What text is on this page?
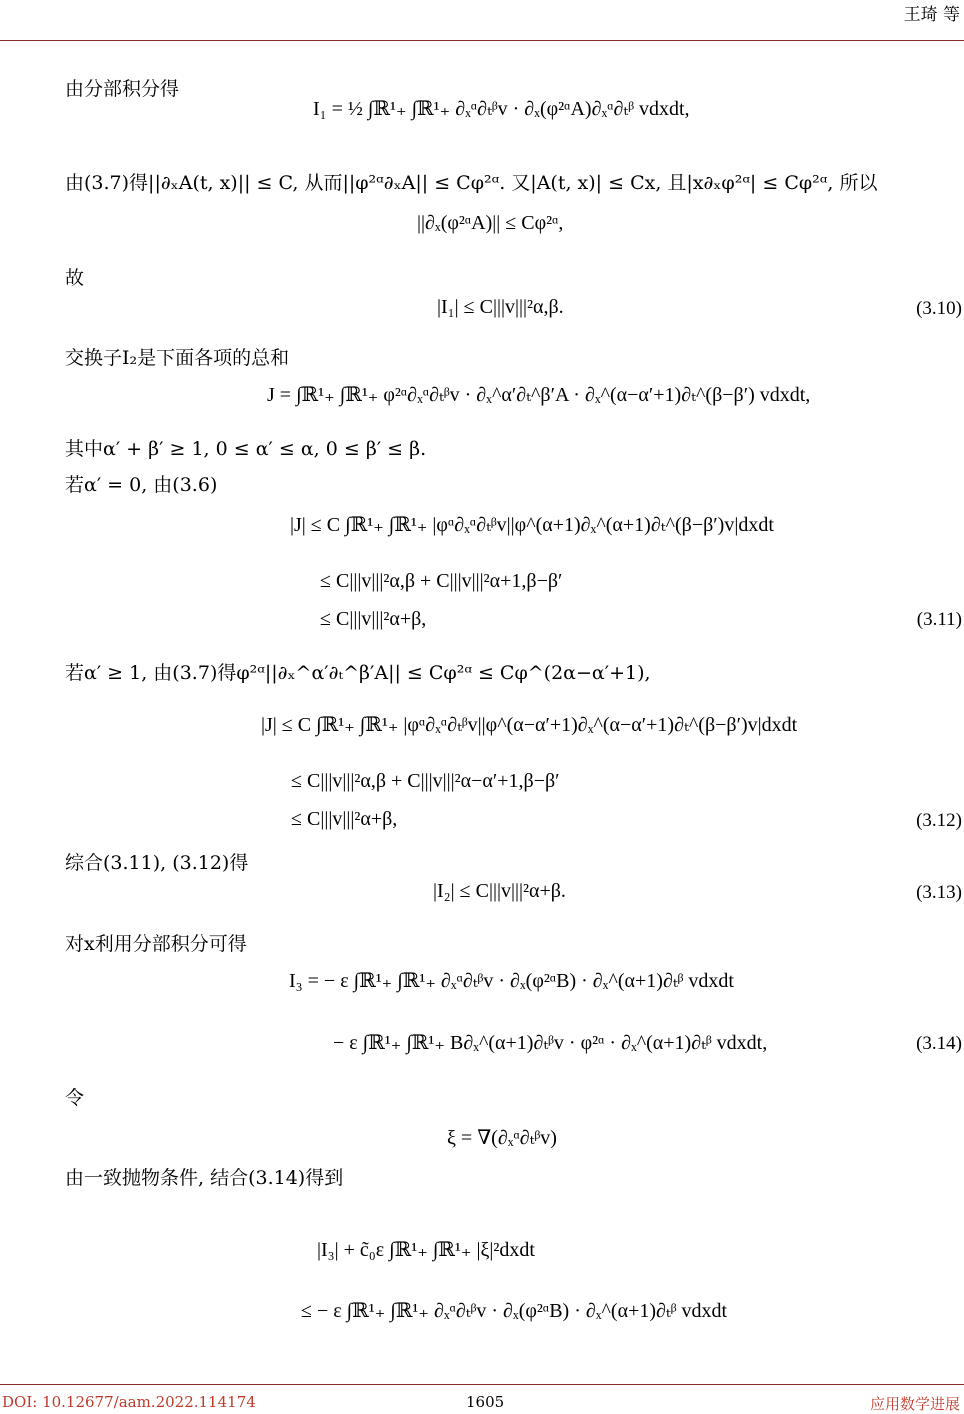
王琦 等
由分部积分得
I₁ = ½ ∫ℝ¹₊ ∫ℝ¹₊ ∂ₓᵅ∂ₜᵝv · ∂ₓ(φ²ᵅA)∂ₓᵅ∂ₜᵝ vdxdt,
由(3.7)得||∂ₓA(t, x)|| ≤ C, 从而||φ²ᵅ∂ₓA|| ≤ Cφ²ᵅ. 又|A(t, x)| ≤ Cx, 且|x∂ₓφ²ᵅ| ≤ Cφ²ᵅ, 所以
||∂ₓ(φ²ᵅA)|| ≤ Cφ²ᵅ,
故
|I₁| ≤ C|||v|||²α,β.	(3.10)
交换子I₂是下面各项的总和
J = ∫ℝ¹₊ ∫ℝ¹₊ φ²ᵅ∂ₓᵅ∂ₜᵝv · ∂ₓ^α′∂ₜ^β′A · ∂ₓ^(α−α′+1)∂ₜ^(β−β′) vdxdt,
其中α′ + β′ ≥ 1, 0 ≤ α′ ≤ α, 0 ≤ β′ ≤ β.
若α′ = 0, 由(3.6)
|J| ≤ C ∫ℝ¹₊ ∫ℝ¹₊ |φᵅ∂ₓᵅ∂ₜᵝv||φ^(α+1)∂ₓ^(α+1)∂ₜ^(β−β′)v|dxdt
≤ C|||v|||²α,β + C|||v|||²α+1,β−β′
≤ C|||v|||²α+β,	(3.11)
若α′ ≥ 1, 由(3.7)得φ²ᵅ||∂ₓ^α′∂ₜ^β′A|| ≤ Cφ²ᵅ ≤ Cφ^(2α−α′+1),
|J| ≤ C ∫ℝ¹₊ ∫ℝ¹₊ |φᵅ∂ₓᵅ∂ₜᵝv||φ^(α−α′+1)∂ₓ^(α−α′+1)∂ₜ^(β−β′)v|dxdt
≤ C|||v|||²α,β + C|||v|||²α−α′+1,β−β′
≤ C|||v|||²α+β,	(3.12)
综合(3.11), (3.12)得
|I₂| ≤ C|||v|||²α+β.	(3.13)
对x利用分部积分可得
I₃ = − ε ∫ℝ¹₊ ∫ℝ¹₊ ∂ₓᵅ∂ₜᵝv · ∂ₓ(φ²ᵅB) · ∂ₓ^(α+1)∂ₜᵝ vdxdt
− ε ∫ℝ¹₊ ∫ℝ¹₊ B∂ₓ^(α+1)∂ₜᵝv · φ²ᵅ · ∂ₓ^(α+1)∂ₜᵝ vdxdt,	(3.14)
令
ξ = ∇(∂ₓᵅ∂ₜᵝv)
由一致抛物条件, 结合(3.14)得到
|I₃| + c̃₀ε ∫ℝ¹₊ ∫ℝ¹₊ |ξ|²dxdt
≤ − ε ∫ℝ¹₊ ∫ℝ¹₊ ∂ₓᵅ∂ₜᵝv · ∂ₓ(φ²ᵅB) · ∂ₓ^(α+1)∂ₜᵝ vdxdt
DOI: 10.12677/aam.2022.114174	1605	应用数学进展
